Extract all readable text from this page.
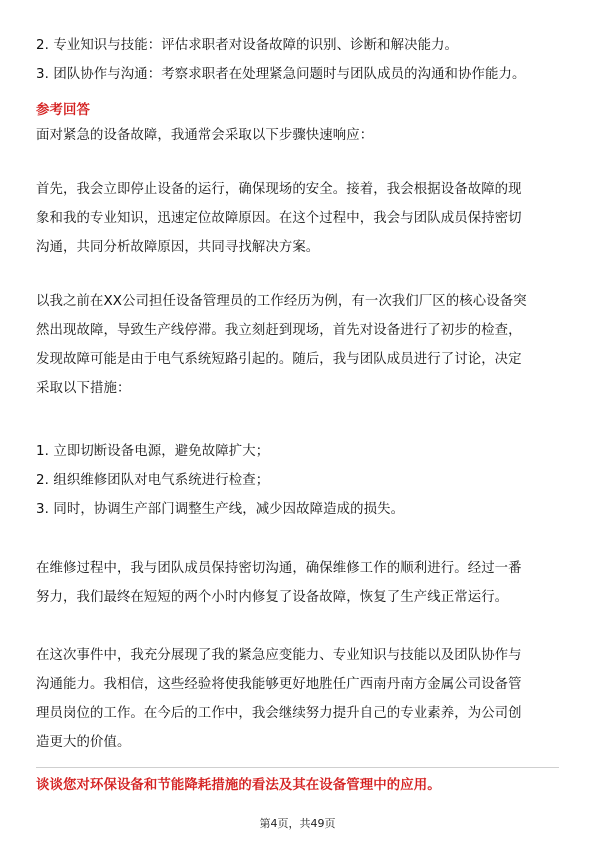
2. 专业知识与技能：评估求职者对设备故障的识别、诊断和解决能力。
3. 团队协作与沟通：考察求职者在处理紧急问题时与团队成员的沟通和协作能力。
参考回答
面对紧急的设备故障，我通常会采取以下步骤快速响应：
首先，我会立即停止设备的运行，确保现场的安全。接着，我会根据设备故障的现
象和我的专业知识，迅速定位故障原因。在这个过程中，我会与团队成员保持密切
沟通，共同分析故障原因，共同寻找解决方案。
以我之前在XX公司担任设备管理员的工作经历为例，有一次我们厂区的核心设备突
然出现故障，导致生产线停滞。我立刻赶到现场，首先对设备进行了初步的检查，
发现故障可能是由于电气系统短路引起的。随后，我与团队成员进行了讨论，决定
采取以下措施：
1. 立即切断设备电源，避免故障扩大；
2. 组织维修团队对电气系统进行检查；
3. 同时，协调生产部门调整生产线，减少因故障造成的损失。
在维修过程中，我与团队成员保持密切沟通，确保维修工作的顺利进行。经过一番
努力，我们最终在短短的两个小时内修复了设备故障，恢复了生产线正常运行。
在这次事件中，我充分展现了我的紧急应变能力、专业知识与技能以及团队协作与
沟通能力。我相信，这些经验将使我能够更好地胜任广西南丹南方金属公司设备管
理员岗位的工作。在今后的工作中，我会继续努力提升自己的专业素养，为公司创
造更大的价值。
谈谈您对环保设备和节能降耗措施的看法及其在设备管理中的应用。
第4页，共49页
